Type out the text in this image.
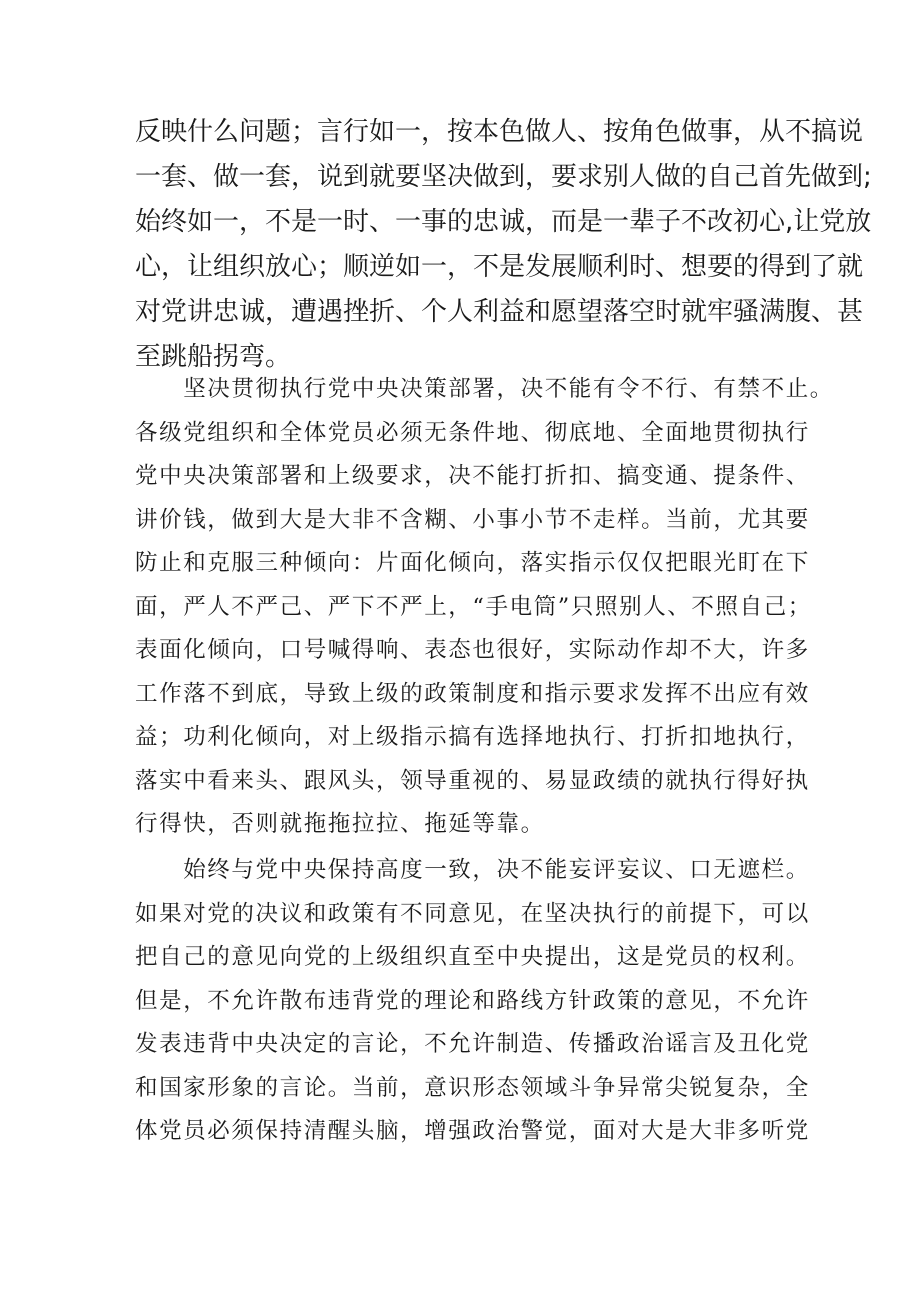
反映什么问题；言行如一，按本色做人、按角色做事，从不搞说
一套、做一套，说到就要坚决做到，要求别人做的自己首先做到;
始终如一，不是一时、一事的忠诚，而是一辈子不改初心,让党放
心，让组织放心；顺逆如一，不是发展顺利时、想要的得到了就
对党讲忠诚，遭遇挫折、个人利益和愿望落空时就牢骚满腹、甚
至跳船拐弯。
　　坚决贯彻执行党中央决策部署，决不能有令不行、有禁不止。
各级党组织和全体党员必须无条件地、彻底地、全面地贯彻执行
党中央决策部署和上级要求，决不能打折扣、搞变通、提条件、
讲价钱，做到大是大非不含糊、小事小节不走样。当前，尤其要
防止和克服三种倾向：片面化倾向，落实指示仅仅把眼光盯在下
面，严人不严己、严下不严上，“手电筒”只照别人、不照自己；
表面化倾向，口号喊得响、表态也很好，实际动作却不大，许多
工作落不到底，导致上级的政策制度和指示要求发挥不出应有效
益；功利化倾向，对上级指示搞有选择地执行、打折扣地执行，
落实中看来头、跟风头，领导重视的、易显政绩的就执行得好执
行得快，否则就拖拖拉拉、拖延等靠。
　　始终与党中央保持高度一致，决不能妄评妄议、口无遮栏。
如果对党的决议和政策有不同意见，在坚决执行的前提下，可以
把自己的意见向党的上级组织直至中央提出，这是党员的权利。
但是，不允许散布违背党的理论和路线方针政策的意见，不允许
发表违背中央决定的言论，不允许制造、传播政治谣言及丑化党
和国家形象的言论。当前，意识形态领域斗争异常尖锐复杂，全
体党员必须保持清醒头脑，增强政治警觉，面对大是大非多听党
